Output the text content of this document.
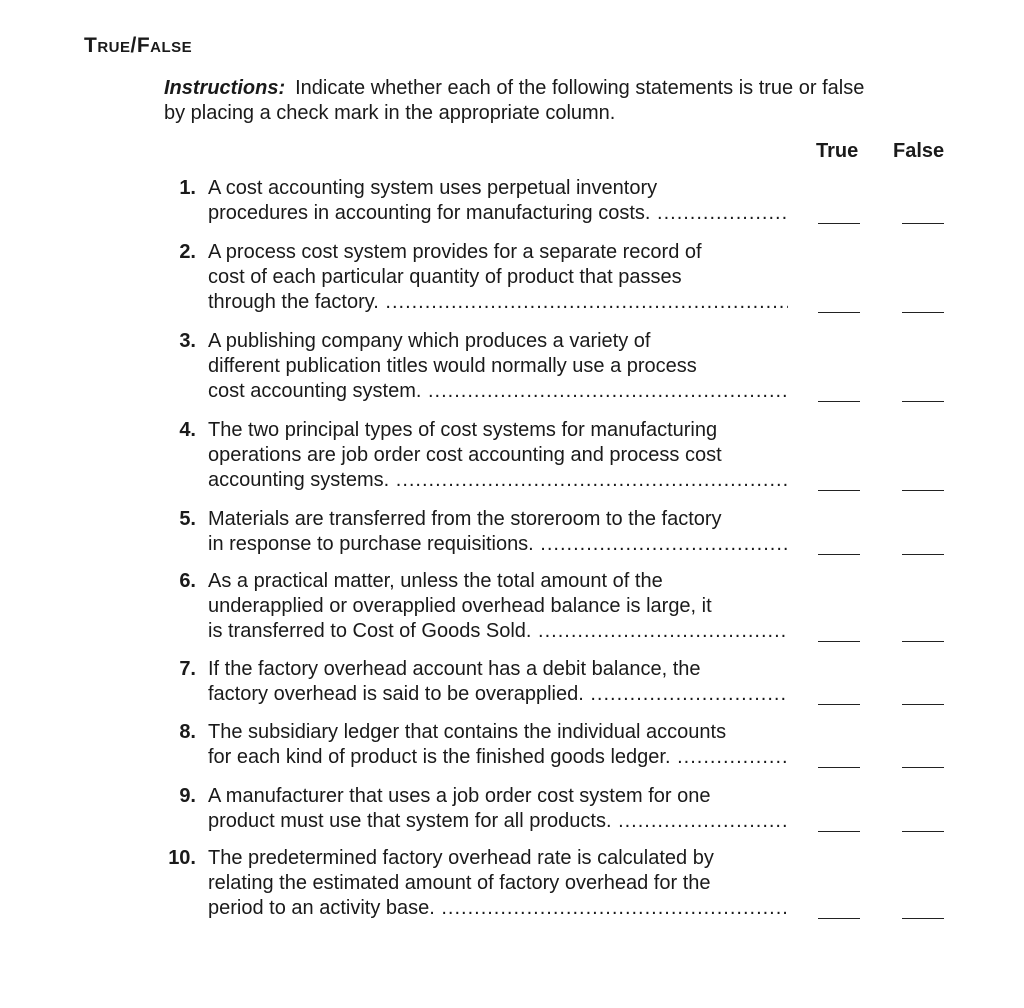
True/False
Instructions: Indicate whether each of the following statements is true or false
by placing a check mark in the appropriate column.
True False
1. A cost accounting system uses perpetual inventory
procedures in accounting for manufacturing costs. .....
2. A process cost system provides for a separate record of
cost of each particular quantity of product that passes
through the factory. .....
3. A publishing company which produces a variety of
different publication titles would normally use a process
cost accounting system. .....
4. The two principal types of cost systems for manufacturing
operations are job order cost accounting and process cost
accounting systems. .....
5. Materials are transferred from the storeroom to the factory
in response to purchase requisitions. .....
6. As a practical matter, unless the total amount of the
underapplied or overapplied overhead balance is large, it
is transferred to Cost of Goods Sold. .....
7. If the factory overhead account has a debit balance, the
factory overhead is said to be overapplied. .....
8. The subsidiary ledger that contains the individual accounts
for each kind of product is the finished goods ledger. .....
9. A manufacturer that uses a job order cost system for one
product must use that system for all products. .....
10. The predetermined factory overhead rate is calculated by
relating the estimated amount of factory overhead for the
period to an activity base. .....
